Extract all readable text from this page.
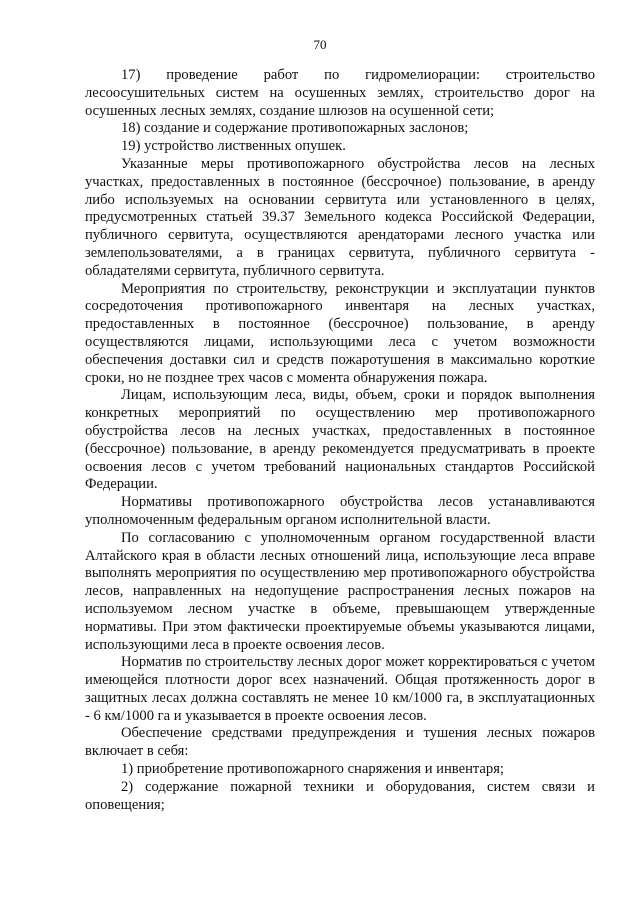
70

17) проведение работ по гидромелиорации: строительство лесоосушительных систем на осушенных землях, строительство дорог на осушенных лесных землях, создание шлюзов на осушенной сети;

18) создание и содержание противопожарных заслонов;

19) устройство лиственных опушек.

Указанные меры противопожарного обустройства лесов на лесных участках, предоставленных в постоянное (бессрочное) пользование, в аренду либо используемых на основании сервитута или установленного в целях, предусмотренных статьей 39.37 Земельного кодекса Российской Федерации, публичного сервитута, осуществляются арендаторами лесного участка или землепользователями, а в границах сервитута, публичного сервитута - обладателями сервитута, публичного сервитута.

Мероприятия по строительству, реконструкции и эксплуатации пунктов сосредоточения противопожарного инвентаря на лесных участках, предоставленных в постоянное (бессрочное) пользование, в аренду осуществляются лицами, использующими леса с учетом возможности обеспечения доставки сил и средств пожаротушения в максимально короткие сроки, но не позднее трех часов с момента обнаружения пожара.

Лицам, использующим леса, виды, объем, сроки и порядок выполнения конкретных мероприятий по осуществлению мер противопожарного обустройства лесов на лесных участках, предоставленных в постоянное (бессрочное) пользование, в аренду рекомендуется предусматривать в проекте освоения лесов с учетом требований национальных стандартов Российской Федерации.

Нормативы противопожарного обустройства лесов устанавливаются уполномоченным федеральным органом исполнительной власти.

По согласованию с уполномоченным органом государственной власти Алтайского края в области лесных отношений лица, использующие леса вправе выполнять мероприятия по осуществлению мер противопожарного обустройства лесов, направленных на недопущение распространения лесных пожаров на используемом лесном участке в объеме, превышающем утвержденные нормативы. При этом фактически проектируемые объемы указываются лицами, использующими леса в проекте освоения лесов.

Норматив по строительству лесных дорог может корректироваться с учетом имеющейся плотности дорог всех назначений. Общая протяженность дорог в защитных лесах должна составлять не менее 10 км/1000 га, в эксплуатационных - 6 км/1000 га и указывается в проекте освоения лесов.

Обеспечение средствами предупреждения и тушения лесных пожаров включает в себя:

1) приобретение противопожарного снаряжения и инвентаря;

2) содержание пожарной техники и оборудования, систем связи и оповещения;
